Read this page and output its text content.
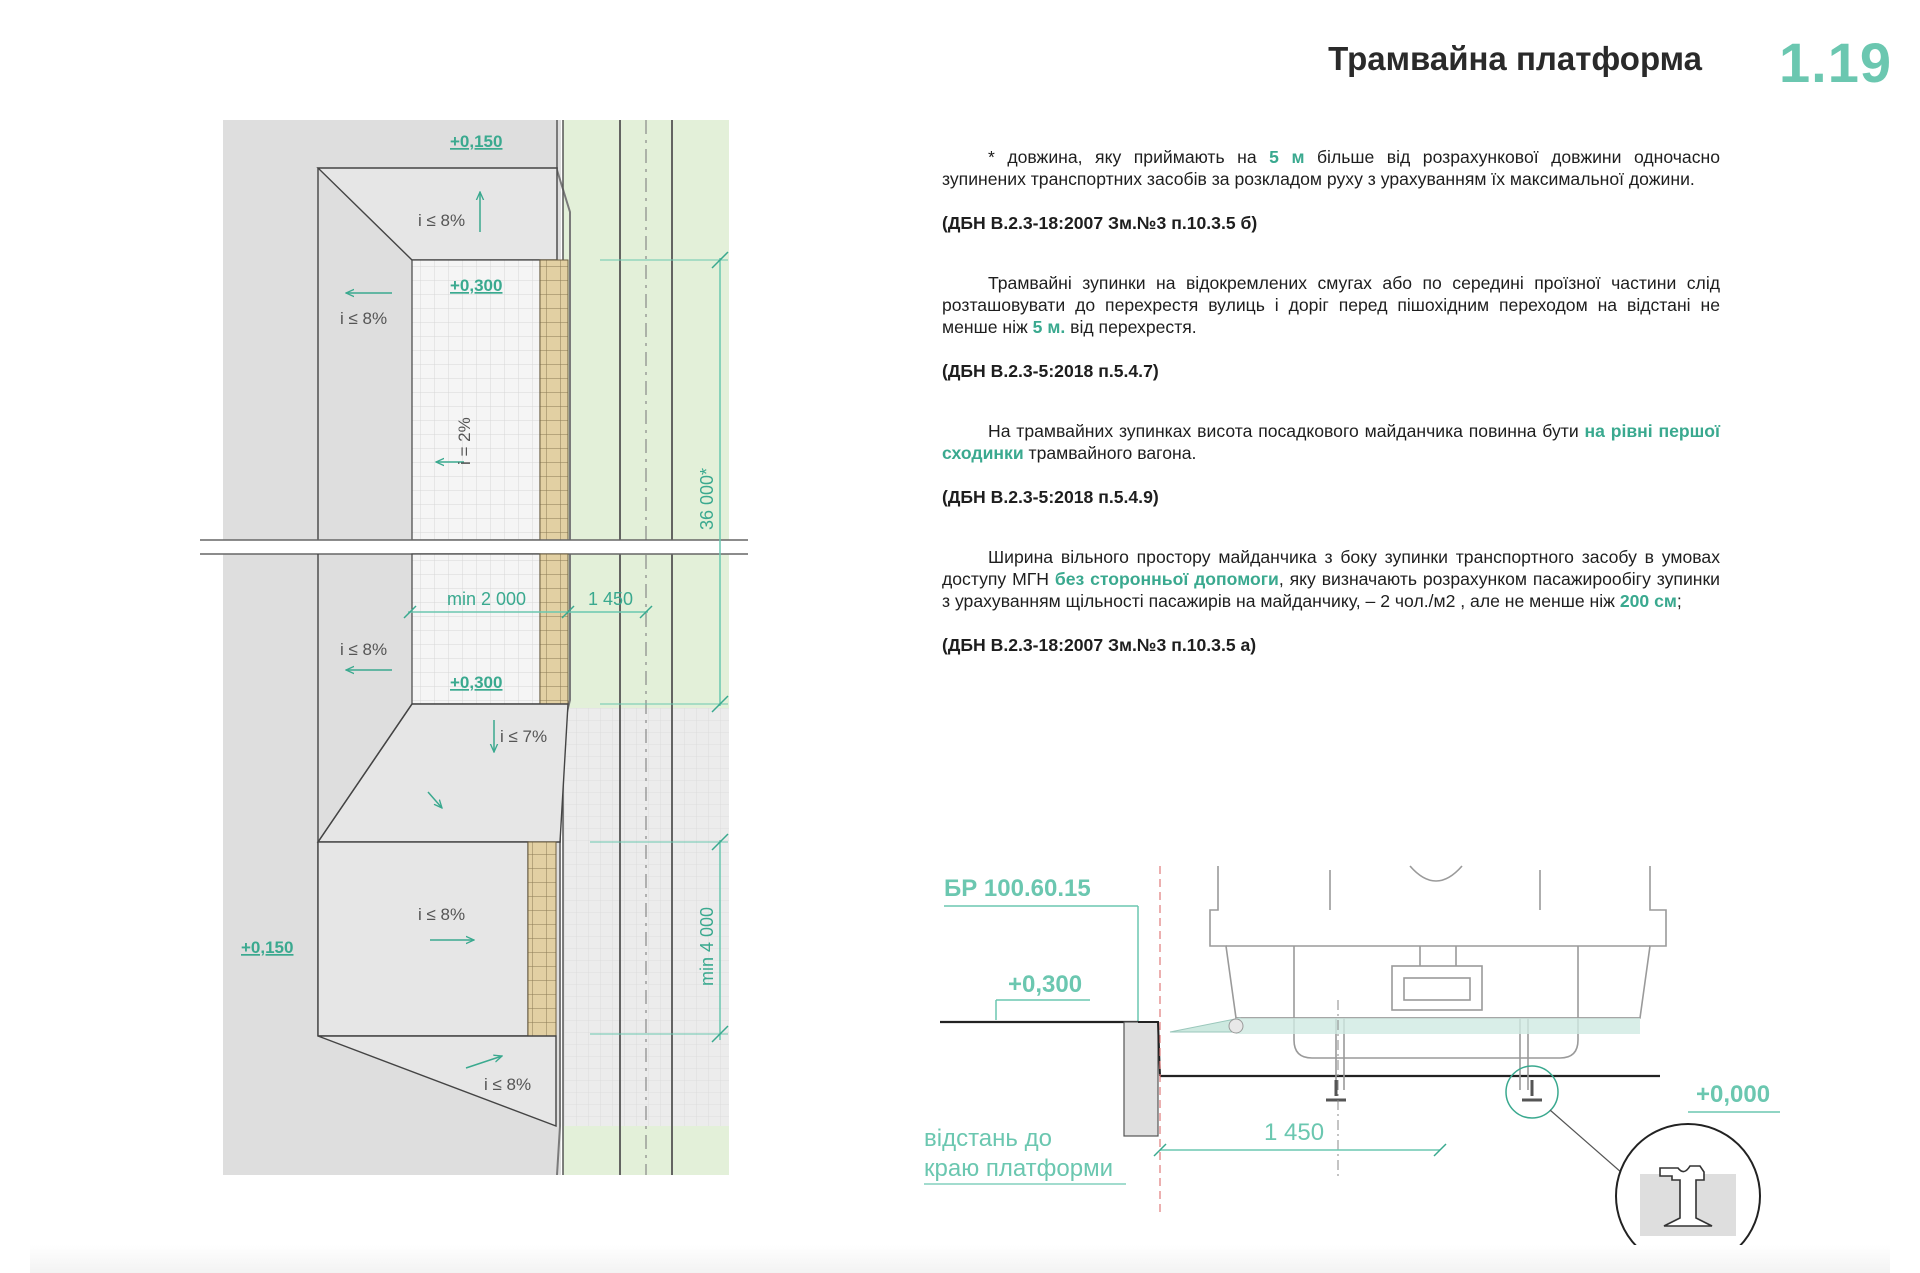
Трамвайна платформа 1.19
+0,150
+0,300
+0,300
+0,150
i ≤ 8%
i ≤ 8%
i = 2%
i ≤ 8%
i ≤ 7%
i ≤ 8%
i ≤ 8%
min 2 000	1 450
36 000*
min 4 000

* довжина, яку приймають на 5 м більше від розрахункової довжини одночасно зупинених транспортних засобів за розкладом руху з урахуванням їх максимальної дожини.

(ДБН В.2.3-18:2007 Зм.№3 п.10.3.5 б)

Трамвайні зупинки на відокремлених смугах або по середині проїзної частини слід розташовувати до перехрестя вулиць і доріг перед пішохідним переходом на відстані не менше ніж 5 м. від перехрестя.

(ДБН В.2.3-5:2018 п.5.4.7)

На трамвайних зупинках висота посадкового майданчика повинна бути на рівні першої сходинки трамвайного вагона.

(ДБН В.2.3-5:2018 п.5.4.9)

Ширина вільного простору майданчика з боку зупинки транспортного засобу в умовах доступу МГН без сторонньої допомоги, яку визначають розрахунком пасажирообігу зупинки з урахуванням щільності пасажирів на майданчику, – 2 чол./м2 , але не менше ніж 200 см;

(ДБН В.2.3-18:2007 Зм.№3 п.10.3.5 а)

БР 100.60.15
+0,300
1 450
відстань до
краю платформи
+0,000
